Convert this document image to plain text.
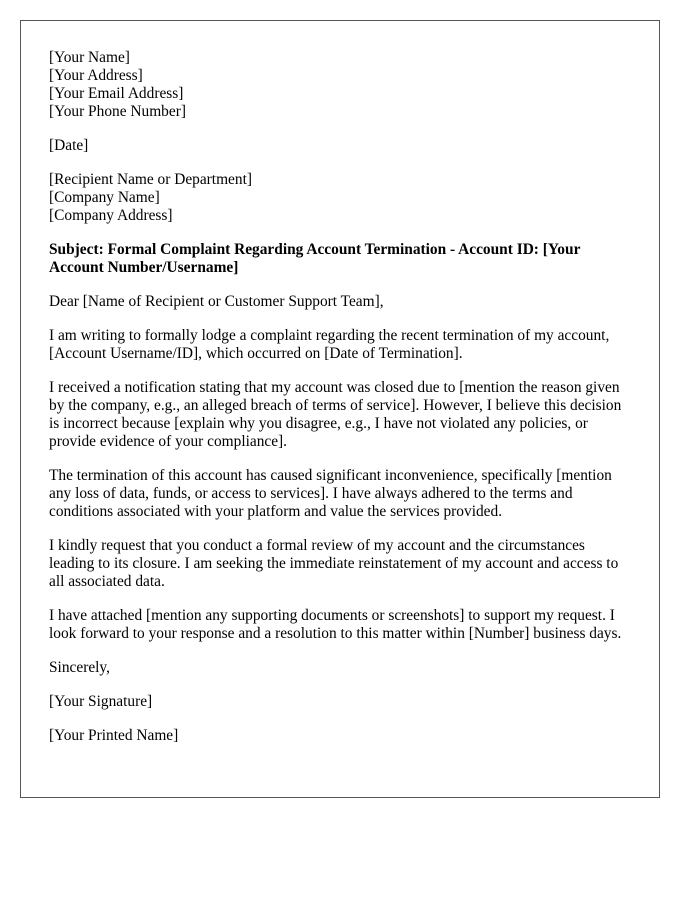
[Your Name]
[Your Address]
[Your Email Address]
[Your Phone Number]
[Date]
[Recipient Name or Department]
[Company Name]
[Company Address]
Subject: Formal Complaint Regarding Account Termination - Account ID: [Your Account Number/Username]

Dear [Name of Recipient or Customer Support Team],

I am writing to formally lodge a complaint regarding the recent termination of my account, [Account Username/ID], which occurred on [Date of Termination].

I received a notification stating that my account was closed due to [mention the reason given by the company, e.g., an alleged breach of terms of service]. However, I believe this decision is incorrect because [explain why you disagree, e.g., I have not violated any policies, or provide evidence of your compliance].

The termination of this account has caused significant inconvenience, specifically [mention any loss of data, funds, or access to services]. I have always adhered to the terms and conditions associated with your platform and value the services provided.

I kindly request that you conduct a formal review of my account and the circumstances leading to its closure. I am seeking the immediate reinstatement of my account and access to all associated data.

I have attached [mention any supporting documents or screenshots] to support my request. I look forward to your response and a resolution to this matter within [Number] business days.

Sincerely,

[Your Signature]

[Your Printed Name]
